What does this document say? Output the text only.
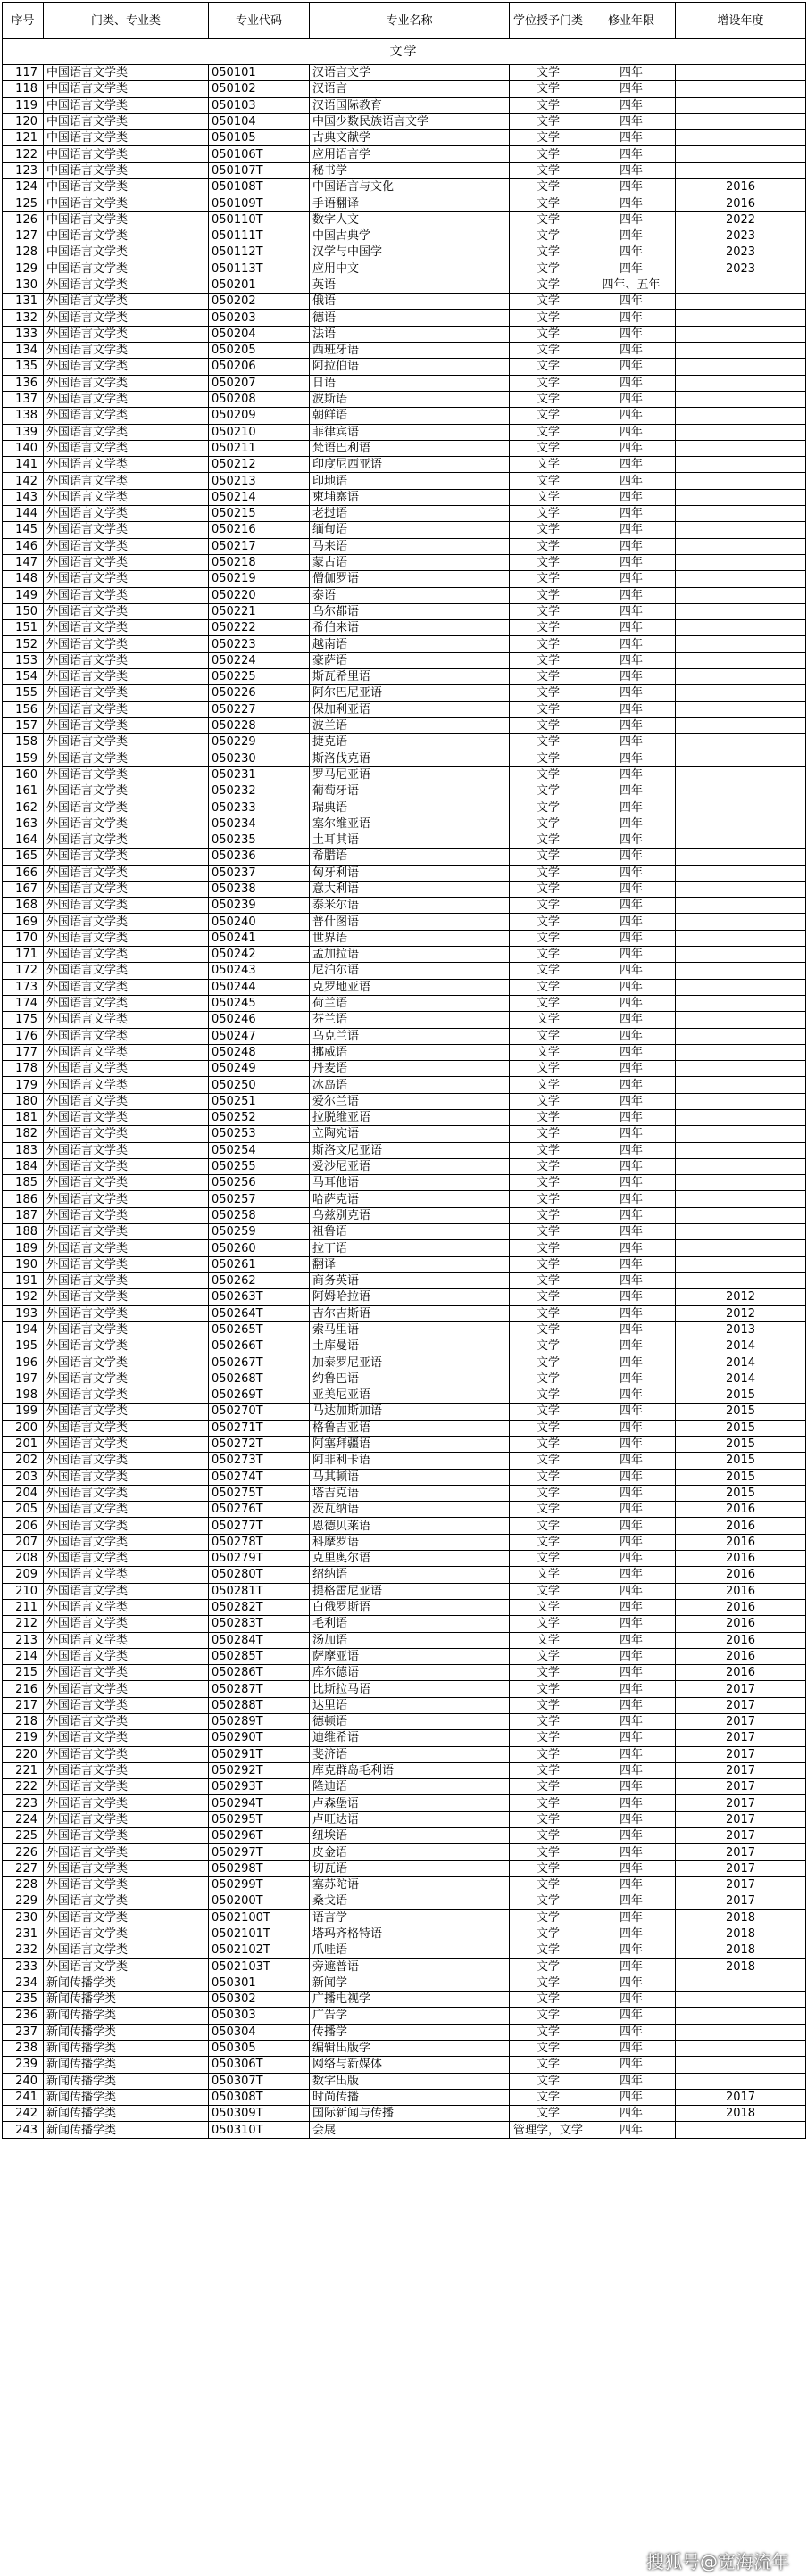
序号	门类、专业类	专业代码	专业名称	学位授予门类	修业年限	增设年度
文学						
117	中国语言文学类	050101	汉语言文学	文学	四年	
118	中国语言文学类	050102	汉语言	文学	四年	
119	中国语言文学类	050103	汉语国际教育	文学	四年	
120	中国语言文学类	050104	中国少数民族语言文学	文学	四年	
121	中国语言文学类	050105	古典文献学	文学	四年	
122	中国语言文学类	050106T	应用语言学	文学	四年	
123	中国语言文学类	050107T	秘书学	文学	四年	
124	中国语言文学类	050108T	中国语言与文化	文学	四年	2016
125	中国语言文学类	050109T	手语翻译	文学	四年	2016
126	中国语言文学类	050110T	数字人文	文学	四年	2022
127	中国语言文学类	050111T	中国古典学	文学	四年	2023
128	中国语言文学类	050112T	汉学与中国学	文学	四年	2023
129	中国语言文学类	050113T	应用中文	文学	四年	2023
130	外国语言文学类	050201	英语	文学	四年、五年	
131	外国语言文学类	050202	俄语	文学	四年	
132	外国语言文学类	050203	德语	文学	四年	
133	外国语言文学类	050204	法语	文学	四年	
134	外国语言文学类	050205	西班牙语	文学	四年	
135	外国语言文学类	050206	阿拉伯语	文学	四年	
136	外国语言文学类	050207	日语	文学	四年	
137	外国语言文学类	050208	波斯语	文学	四年	
138	外国语言文学类	050209	朝鲜语	文学	四年	
139	外国语言文学类	050210	菲律宾语	文学	四年	
140	外国语言文学类	050211	梵语巴利语	文学	四年	
141	外国语言文学类	050212	印度尼西亚语	文学	四年	
142	外国语言文学类	050213	印地语	文学	四年	
143	外国语言文学类	050214	柬埔寨语	文学	四年	
144	外国语言文学类	050215	老挝语	文学	四年	
145	外国语言文学类	050216	缅甸语	文学	四年	
146	外国语言文学类	050217	马来语	文学	四年	
147	外国语言文学类	050218	蒙古语	文学	四年	
148	外国语言文学类	050219	僧伽罗语	文学	四年	
149	外国语言文学类	050220	泰语	文学	四年	
150	外国语言文学类	050221	乌尔都语	文学	四年	
151	外国语言文学类	050222	希伯来语	文学	四年	
152	外国语言文学类	050223	越南语	文学	四年	
153	外国语言文学类	050224	豪萨语	文学	四年	
154	外国语言文学类	050225	斯瓦希里语	文学	四年	
155	外国语言文学类	050226	阿尔巴尼亚语	文学	四年	
156	外国语言文学类	050227	保加利亚语	文学	四年	
157	外国语言文学类	050228	波兰语	文学	四年	
158	外国语言文学类	050229	捷克语	文学	四年	
159	外国语言文学类	050230	斯洛伐克语	文学	四年	
160	外国语言文学类	050231	罗马尼亚语	文学	四年	
161	外国语言文学类	050232	葡萄牙语	文学	四年	
162	外国语言文学类	050233	瑞典语	文学	四年	
163	外国语言文学类	050234	塞尔维亚语	文学	四年	
164	外国语言文学类	050235	土耳其语	文学	四年	
165	外国语言文学类	050236	希腊语	文学	四年	
166	外国语言文学类	050237	匈牙利语	文学	四年	
167	外国语言文学类	050238	意大利语	文学	四年	
168	外国语言文学类	050239	泰米尔语	文学	四年	
169	外国语言文学类	050240	普什图语	文学	四年	
170	外国语言文学类	050241	世界语	文学	四年	
171	外国语言文学类	050242	孟加拉语	文学	四年	
172	外国语言文学类	050243	尼泊尔语	文学	四年	
173	外国语言文学类	050244	克罗地亚语	文学	四年	
174	外国语言文学类	050245	荷兰语	文学	四年	
175	外国语言文学类	050246	芬兰语	文学	四年	
176	外国语言文学类	050247	乌克兰语	文学	四年	
177	外国语言文学类	050248	挪威语	文学	四年	
178	外国语言文学类	050249	丹麦语	文学	四年	
179	外国语言文学类	050250	冰岛语	文学	四年	
180	外国语言文学类	050251	爱尔兰语	文学	四年	
181	外国语言文学类	050252	拉脱维亚语	文学	四年	
182	外国语言文学类	050253	立陶宛语	文学	四年	
183	外国语言文学类	050254	斯洛文尼亚语	文学	四年	
184	外国语言文学类	050255	爱沙尼亚语	文学	四年	
185	外国语言文学类	050256	马耳他语	文学	四年	
186	外国语言文学类	050257	哈萨克语	文学	四年	
187	外国语言文学类	050258	乌兹别克语	文学	四年	
188	外国语言文学类	050259	祖鲁语	文学	四年	
189	外国语言文学类	050260	拉丁语	文学	四年	
190	外国语言文学类	050261	翻译	文学	四年	
191	外国语言文学类	050262	商务英语	文学	四年	
192	外国语言文学类	050263T	阿姆哈拉语	文学	四年	2012
193	外国语言文学类	050264T	吉尔吉斯语	文学	四年	2012
194	外国语言文学类	050265T	索马里语	文学	四年	2013
195	外国语言文学类	050266T	土库曼语	文学	四年	2014
196	外国语言文学类	050267T	加泰罗尼亚语	文学	四年	2014
197	外国语言文学类	050268T	约鲁巴语	文学	四年	2014
198	外国语言文学类	050269T	亚美尼亚语	文学	四年	2015
199	外国语言文学类	050270T	马达加斯加语	文学	四年	2015
200	外国语言文学类	050271T	格鲁吉亚语	文学	四年	2015
201	外国语言文学类	050272T	阿塞拜疆语	文学	四年	2015
202	外国语言文学类	050273T	阿非利卡语	文学	四年	2015
203	外国语言文学类	050274T	马其顿语	文学	四年	2015
204	外国语言文学类	050275T	塔吉克语	文学	四年	2015
205	外国语言文学类	050276T	茨瓦纳语	文学	四年	2016
206	外国语言文学类	050277T	恩德贝莱语	文学	四年	2016
207	外国语言文学类	050278T	科摩罗语	文学	四年	2016
208	外国语言文学类	050279T	克里奥尔语	文学	四年	2016
209	外国语言文学类	050280T	绍纳语	文学	四年	2016
210	外国语言文学类	050281T	提格雷尼亚语	文学	四年	2016
211	外国语言文学类	050282T	白俄罗斯语	文学	四年	2016
212	外国语言文学类	050283T	毛利语	文学	四年	2016
213	外国语言文学类	050284T	汤加语	文学	四年	2016
214	外国语言文学类	050285T	萨摩亚语	文学	四年	2016
215	外国语言文学类	050286T	库尔德语	文学	四年	2016
216	外国语言文学类	050287T	比斯拉马语	文学	四年	2017
217	外国语言文学类	050288T	达里语	文学	四年	2017
218	外国语言文学类	050289T	德顿语	文学	四年	2017
219	外国语言文学类	050290T	迪维希语	文学	四年	2017
220	外国语言文学类	050291T	斐济语	文学	四年	2017
221	外国语言文学类	050292T	库克群岛毛利语	文学	四年	2017
222	外国语言文学类	050293T	隆迪语	文学	四年	2017
223	外国语言文学类	050294T	卢森堡语	文学	四年	2017
224	外国语言文学类	050295T	卢旺达语	文学	四年	2017
225	外国语言文学类	050296T	纽埃语	文学	四年	2017
226	外国语言文学类	050297T	皮金语	文学	四年	2017
227	外国语言文学类	050298T	切瓦语	文学	四年	2017
228	外国语言文学类	050299T	塞苏陀语	文学	四年	2017
229	外国语言文学类	050200T	桑戈语	文学	四年	2017
230	外国语言文学类	0502100T	语言学	文学	四年	2018
231	外国语言文学类	0502101T	塔玛齐格特语	文学	四年	2018
232	外国语言文学类	0502102T	爪哇语	文学	四年	2018
233	外国语言文学类	0502103T	旁遮普语	文学	四年	2018
234	新闻传播学类	050301	新闻学	文学	四年	
235	新闻传播学类	050302	广播电视学	文学	四年	
236	新闻传播学类	050303	广告学	文学	四年	
237	新闻传播学类	050304	传播学	文学	四年	
238	新闻传播学类	050305	编辑出版学	文学	四年	
239	新闻传播学类	050306T	网络与新媒体	文学	四年	
240	新闻传播学类	050307T	数字出版	文学	四年	
241	新闻传播学类	050308T	时尚传播	文学	四年	2017
242	新闻传播学类	050309T	国际新闻与传播	文学	四年	2018
243	新闻传播学类	050310T	会展	管理学，文学	四年	
搜狐号@宽海流年
